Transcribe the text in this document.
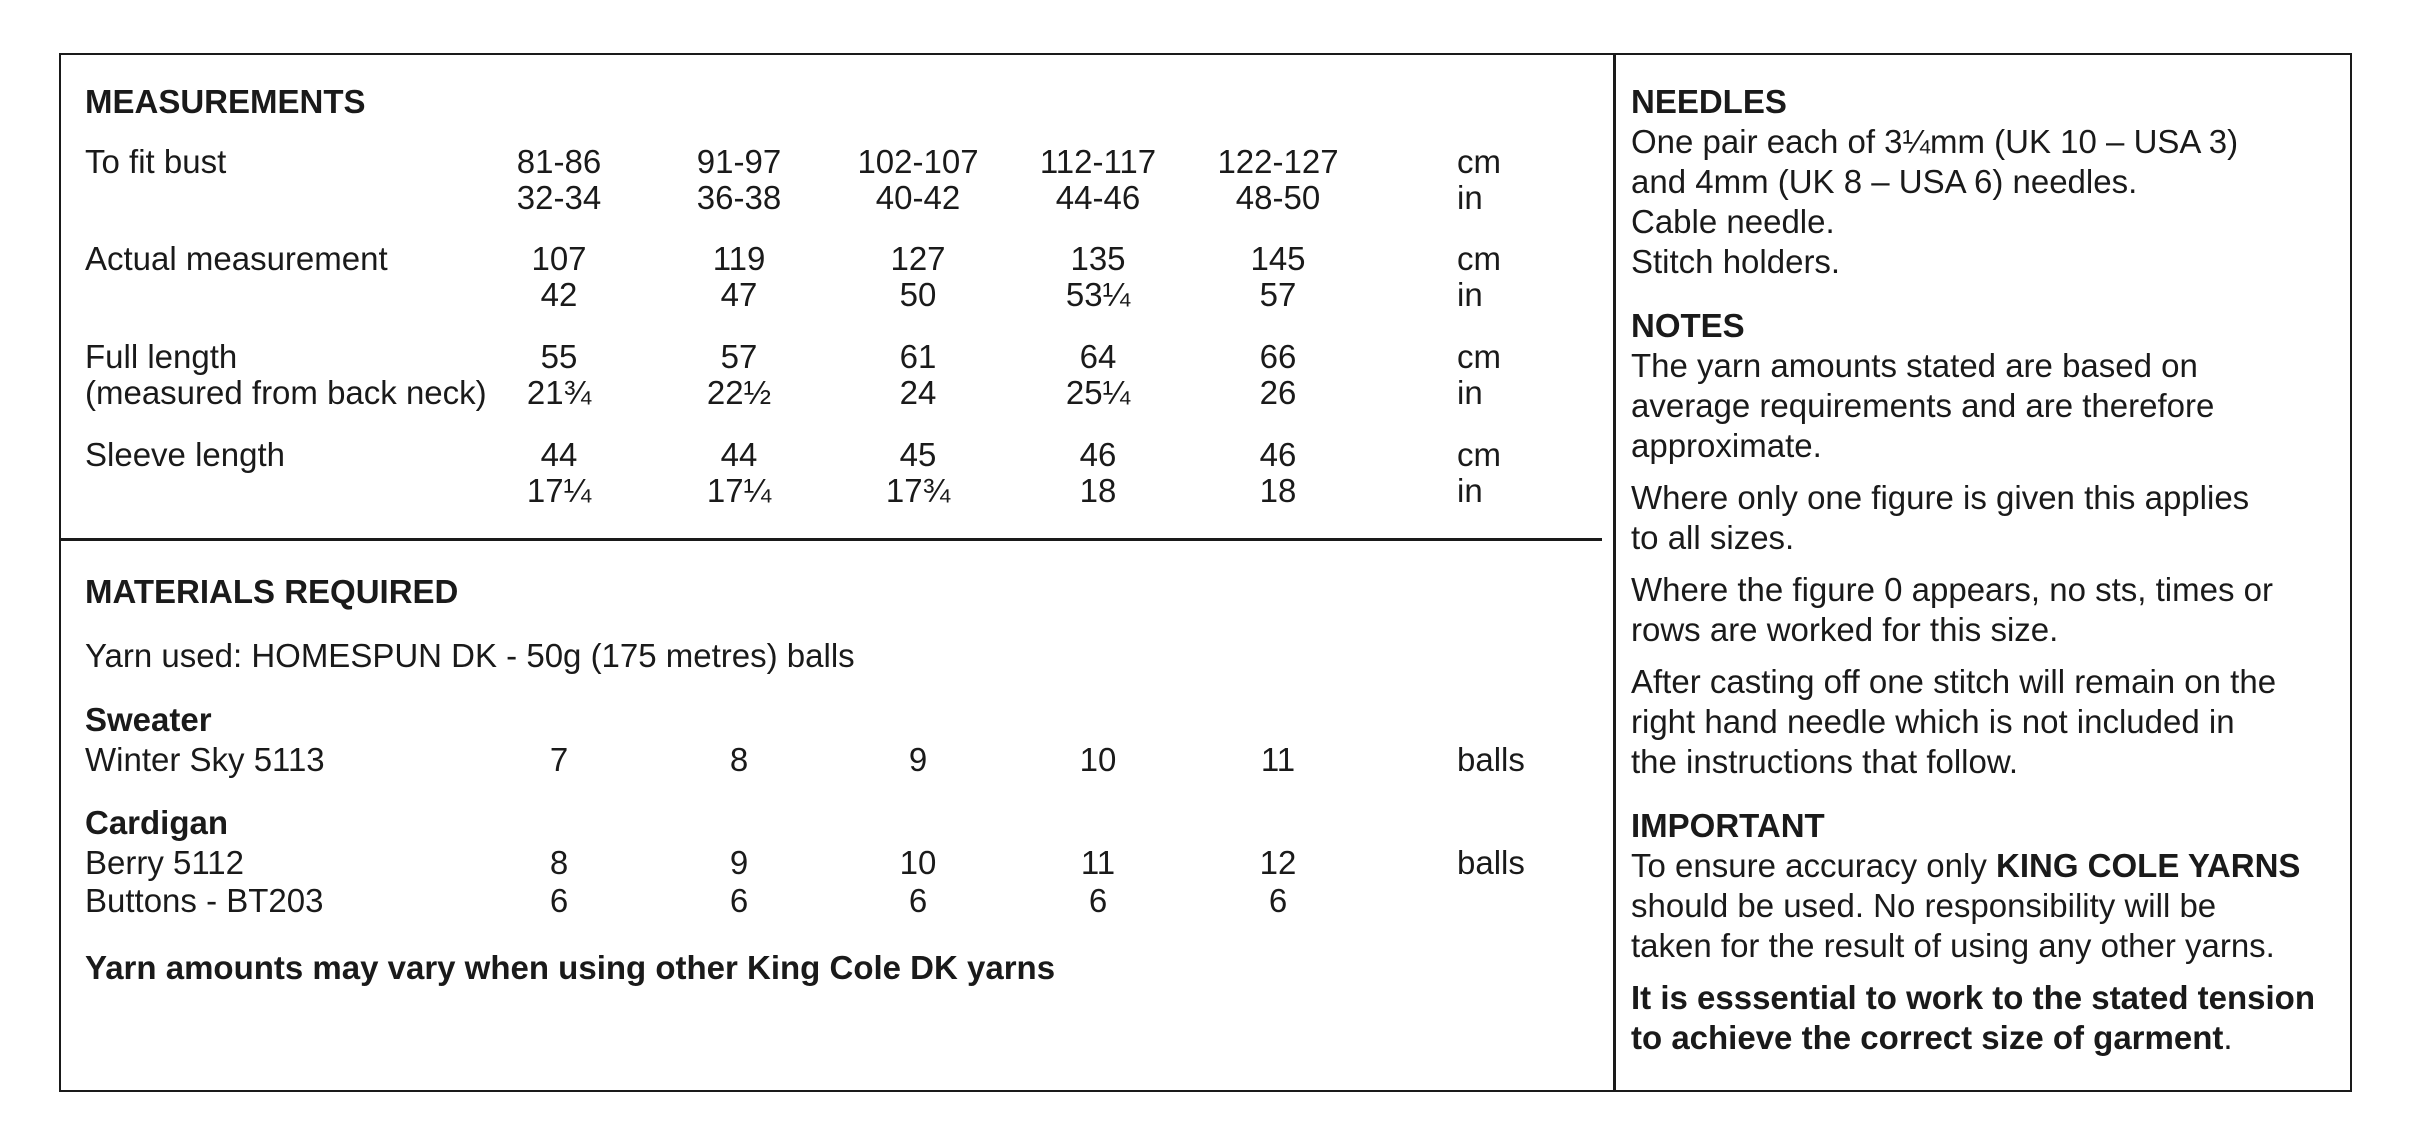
MEASUREMENTS
To fit bust	81-86	91-97	102-107	112-117	122-127	cm
32-34	36-38	40-42	44-46	48-50	in
Actual measurement	107	119	127	135	145	cm
42	47	50	53¼	57	in
Full length
(measured from back neck)
55	57	61	64	66	cm
21¾	22½	24	25¼	26	in
Sleeve length	44	44	45	46	46	cm
17¼	17¼	17¾	18	18	in
MATERIALS REQUIRED
Yarn used: HOMESPUN DK - 50g (175 metres) balls
Sweater
Winter Sky 5113	7	8	9	10	11	balls
Cardigan
Berry 5112	8	9	10	11	12	balls
Buttons - BT203	6	6	6	6	6
Yarn amounts may vary when using other King Cole DK yarns
NEEDLES
One pair each of 3¼mm (UK 10 – USA 3)
and 4mm (UK 8 – USA 6) needles.
Cable needle.
Stitch holders.
NOTES
The yarn amounts stated are based on
average requirements and are therefore
approximate.
Where only one figure is given this applies
to all sizes.
Where the figure 0 appears, no sts, times or
rows are worked for this size.
After casting off one stitch will remain on the
right hand needle which is not included in
the instructions that follow.
IMPORTANT
To ensure accuracy only KING COLE YARNS
should be used. No responsibility will be
taken for the result of using any other yarns.
It is esssential to work to the stated tension
to achieve the correct size of garment.
